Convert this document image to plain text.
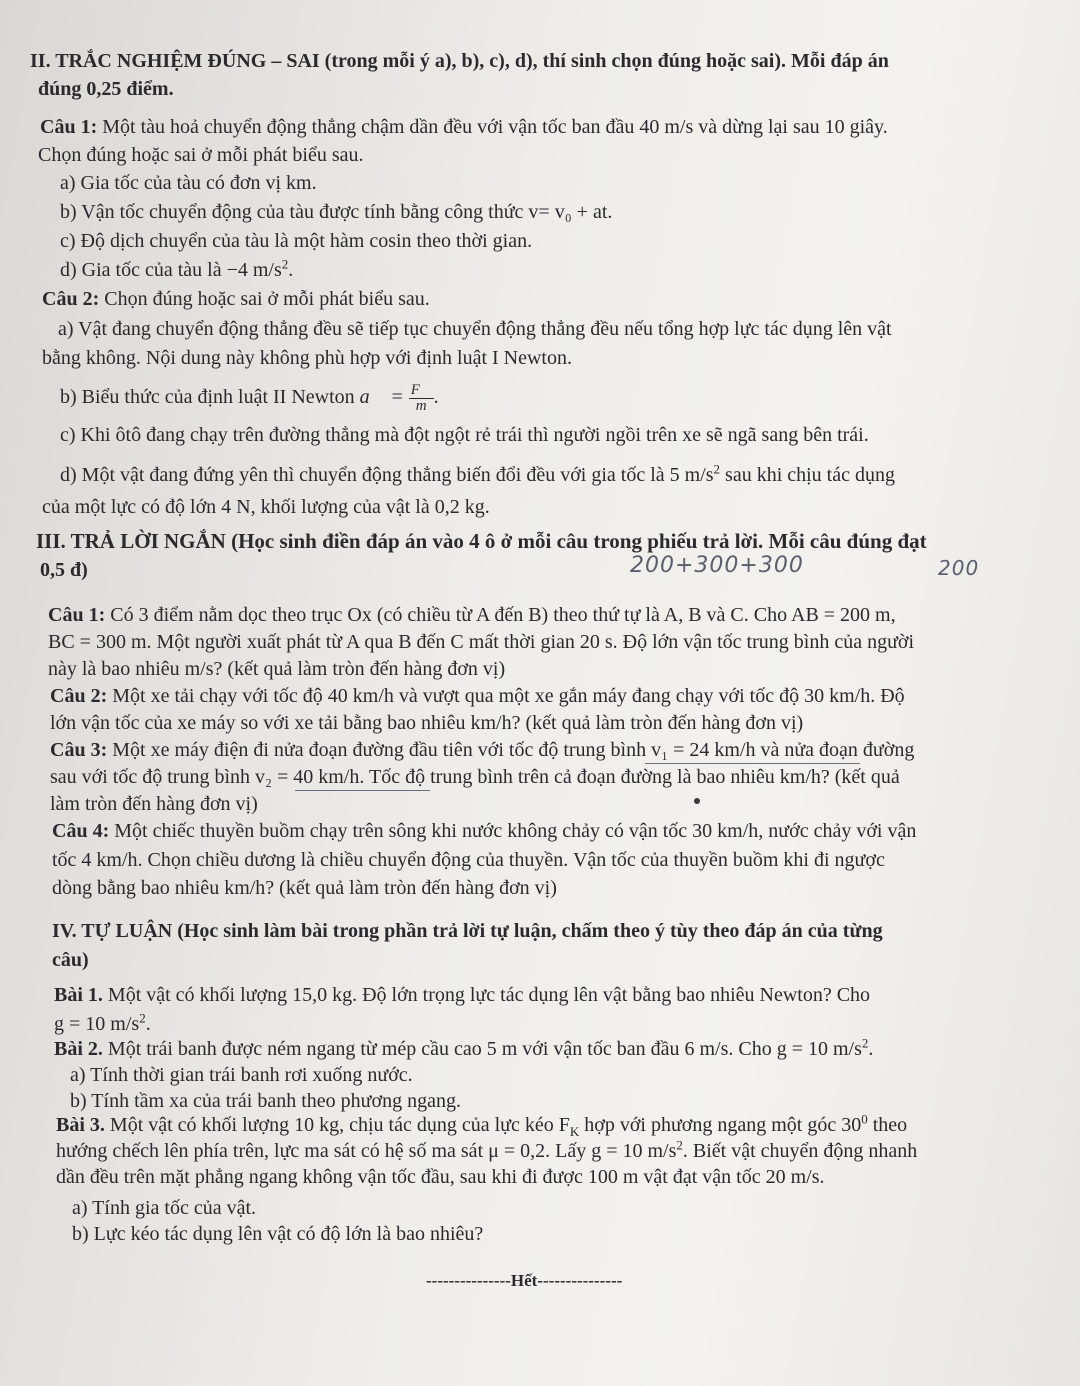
II. TRẮC NGHIỆM ĐÚNG – SAI (trong mỗi ý a), b), c), d), thí sinh chọn đúng hoặc sai). Mỗi đáp án
đúng 0,25 điểm.
Câu 1: Một tàu hoả chuyển động thẳng chậm dần đều với vận tốc ban đầu 40 m/s và dừng lại sau 10 giây.
Chọn đúng hoặc sai ở mỗi phát biểu sau.
a) Gia tốc của tàu có đơn vị km.
b) Vận tốc chuyển động của tàu được tính bằng công thức v= v₀ + at.
c) Độ dịch chuyển của tàu là một hàm cosin theo thời gian.
d) Gia tốc của tàu là −4 $m/s^2$.
Câu 2: Chọn đúng hoặc sai ở mỗi phát biểu sau.
a) Vật đang chuyển động thẳng đều sẽ tiếp tục chuyển động thẳng đều nếu tổng hợp lực tác dụng lên vật
bằng không. Nội dung này không phù hợp với định luật I Newton.
b) Biểu thức của định luật II Newton a⃗ = $\frac{F⃗}{m}$ .
c) Khi ôtô đang chạy trên đường thẳng mà đột ngột rẻ trái thì người ngồi trên xe sẽ ngã sang bên trái.
d) Một vật đang đứng yên thì chuyển động thẳng biến đổi đều với gia tốc là 5 $m/s^2$ sau khi chịu tác dụng
của một lực có độ lớn 4 N, khối lượng của vật là 0,2 kg.
III. TRẢ LỜI NGẮN (Học sinh điền đáp án vào 4 ô ở mỗi câu trong phiếu trả lời. Mỗi câu đúng đạt
0,5 đ)	200+300+300	200
Câu 1: Có 3 điểm nằm dọc theo trục Ox (có chiều từ A đến B) theo thứ tự là A, B và C. Cho AB = 200 m,
BC = 300 m. Một người xuất phát từ A qua B đến C mất thời gian 20 s. Độ lớn vận tốc trung bình của người
này là bao nhiêu m/s? (kết quả làm tròn đến hàng đơn vị)
Câu 2: Một xe tải chạy với tốc độ 40 km/h và vượt qua một xe gắn máy đang chạy với tốc độ 30 km/h. Độ
lớn vận tốc của xe máy so với xe tải bằng bao nhiêu km/h? (kết quả làm tròn đến hàng đơn vị)
Câu 3: Một xe máy điện đi nửa đoạn đường đầu tiên với tốc độ trung bình v₁ = 24 km/h và nửa đoạn đường
sau với tốc độ trung bình v₂ = 40 km/h. Tốc độ trung bình trên cả đoạn đường là bao nhiêu km/h? (kết quả
làm tròn đến hàng đơn vị)
Câu 4: Một chiếc thuyền buồm chạy trên sông khi nước không chảy có vận tốc 30 km/h, nước chảy với vận
tốc 4 km/h. Chọn chiều dương là chiều chuyển động của thuyền. Vận tốc của thuyền buồm khi đi ngược
dòng bằng bao nhiêu km/h? (kết quả làm tròn đến hàng đơn vị)
IV. TỰ LUẬN (Học sinh làm bài trong phần trả lời tự luận, chấm theo ý tùy theo đáp án của từng
câu)
Bài 1. Một vật có khối lượng 15,0 kg. Độ lớn trọng lực tác dụng lên vật bằng bao nhiêu Newton? Cho
g = 10 $m/s^2$.
Bài 2. Một trái banh được ném ngang từ mép cầu cao 5 m với vận tốc ban đầu 6 m/s. Cho g = 10 $m/s^2$.
a) Tính thời gian trái banh rơi xuống nước.
b) Tính tầm xa của trái banh theo phương ngang.
Bài 3. Một vật có khối lượng 10 kg, chịu tác dụng của lực kéo $F_K$ hợp với phương ngang một góc $30^0$ theo
hướng chếch lên phía trên, lực ma sát có hệ số ma sát μ = 0,2. Lấy g = 10 $m/s^2$. Biết vật chuyển động nhanh
dần đều trên mặt phẳng ngang không vận tốc đầu, sau khi đi được 100 m vật đạt vận tốc 20 m/s.
a) Tính gia tốc của vật.
b) Lực kéo tác dụng lên vật có độ lớn là bao nhiêu?
---------------Hết---------------
